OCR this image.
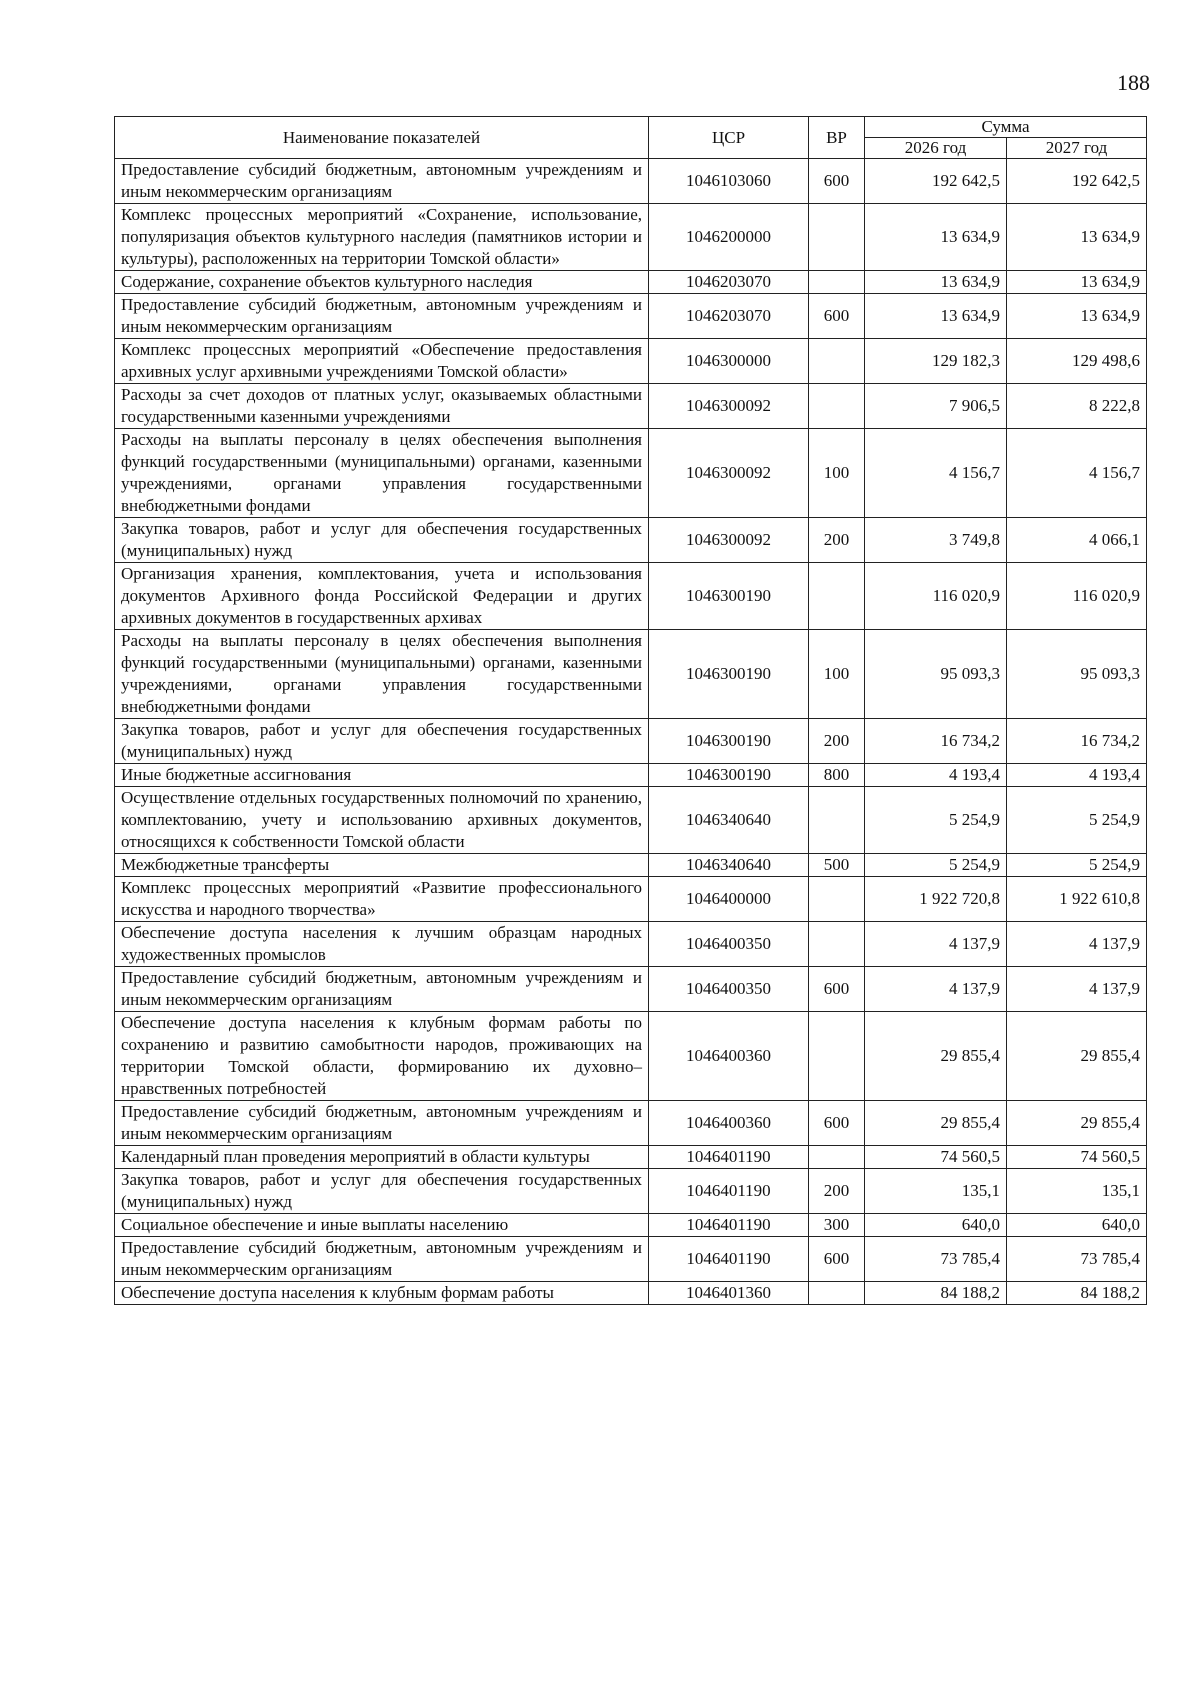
188
Наименование показателей	ЦСР	ВР	Сумма	
			2026 год	2027 год
Предоставление субсидий бюджетным, автономным учреждениям и иным некоммерческим организациям	1046103060	600	192 642,5	192 642,5
Комплекс процессных мероприятий «Сохранение, использование, популяризация объектов культурного наследия (памятников истории и культуры), расположенных на территории Томской области»	1046200000		13 634,9	13 634,9
Содержание, сохранение объектов культурного наследия	1046203070		13 634,9	13 634,9
Предоставление субсидий бюджетным, автономным учреждениям и иным некоммерческим организациям	1046203070	600	13 634,9	13 634,9
Комплекс процессных мероприятий «Обеспечение предоставления архивных услуг архивными учреждениями Томской области»	1046300000		129 182,3	129 498,6
Расходы за счет доходов от платных услуг, оказываемых областными государственными казенными учреждениями	1046300092		7 906,5	8 222,8
Расходы на выплаты персоналу в целях обеспечения выполнения функций государственными (муниципальными) органами, казенными учреждениями, органами управления государственными внебюджетными фондами	1046300092	100	4 156,7	4 156,7
Закупка товаров, работ и услуг для обеспечения государственных (муниципальных) нужд	1046300092	200	3 749,8	4 066,1
Организация хранения, комплектования, учета и использования документов Архивного фонда Российской Федерации и других архивных документов в государственных архивах	1046300190		116 020,9	116 020,9
Расходы на выплаты персоналу в целях обеспечения выполнения функций государственными (муниципальными) органами, казенными учреждениями, органами управления государственными внебюджетными фондами	1046300190	100	95 093,3	95 093,3
Закупка товаров, работ и услуг для обеспечения государственных (муниципальных) нужд	1046300190	200	16 734,2	16 734,2
Иные бюджетные ассигнования	1046300190	800	4 193,4	4 193,4
Осуществление отдельных государственных полномочий по хранению, комплектованию, учету и использованию архивных документов, относящихся к собственности Томской области	1046340640		5 254,9	5 254,9
Межбюджетные трансферты	1046340640	500	5 254,9	5 254,9
Комплекс процессных мероприятий «Развитие профессионального искусства и народного творчества»	1046400000		1 922 720,8	1 922 610,8
Обеспечение доступа населения к лучшим образцам народных художественных промыслов	1046400350		4 137,9	4 137,9
Предоставление субсидий бюджетным, автономным учреждениям и иным некоммерческим организациям	1046400350	600	4 137,9	4 137,9
Обеспечение доступа населения к клубным формам работы по сохранению и развитию самобытности народов, проживающих на территории Томской области, формированию их духовно–нравственных потребностей	1046400360		29 855,4	29 855,4
Предоставление субсидий бюджетным, автономным учреждениям и иным некоммерческим организациям	1046400360	600	29 855,4	29 855,4
Календарный план проведения мероприятий в области культуры	1046401190		74 560,5	74 560,5
Закупка товаров, работ и услуг для обеспечения государственных (муниципальных) нужд	1046401190	200	135,1	135,1
Социальное обеспечение и иные выплаты населению	1046401190	300	640,0	640,0
Предоставление субсидий бюджетным, автономным учреждениям и иным некоммерческим организациям	1046401190	600	73 785,4	73 785,4
Обеспечение доступа населения к клубным формам работы	1046401360		84 188,2	84 188,2
